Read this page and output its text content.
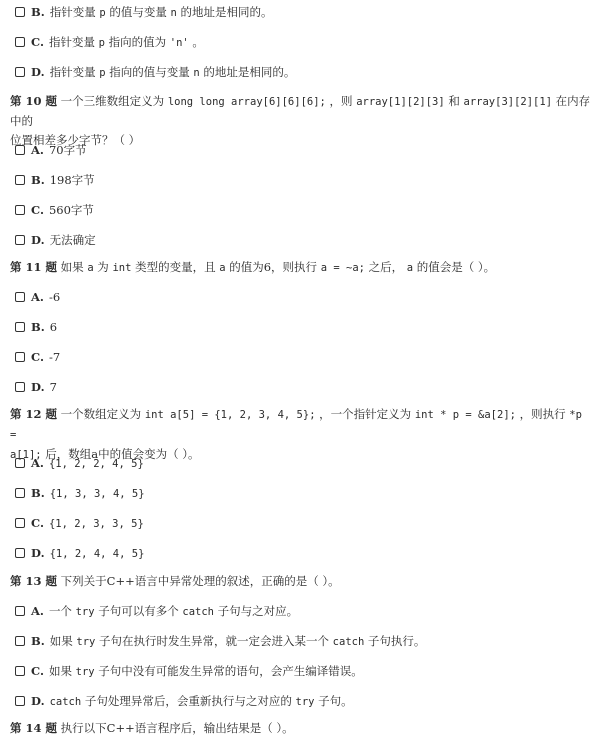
B. 指针变量 p 的值与变量 n 的地址是相同的。
C. 指针变量 p 指向的值为 'n' 。
D. 指针变量 p 指向的值与变量 n 的地址是相同的。

第 10 题 一个三维数组定义为 long long array[6][6][6]; ，则 array[1][2][3] 和 array[3][2][1] 在内存中的
位置相差多少字节？（ ）

A. 70字节
B. 198字节
C. 560字节
D. 无法确定

第 11 题 如果 a 为 int 类型的变量，且 a 的值为6，则执行 a = ~a; 之后， a 的值会是（ ）。

A. -6
B. 6
C. -7
D. 7

第 12 题 一个数组定义为 int a[5] = {1, 2, 3, 4, 5}; ，一个指针定义为 int * p = &a[2]; ，则执行 *p =
a[1]; 后，数组a中的值会变为（ ）。

A. {1, 2, 2, 4, 5}
B. {1, 3, 3, 4, 5}
C. {1, 2, 3, 3, 5}
D. {1, 2, 4, 4, 5}

第 13 题 下列关于C++语言中异常处理的叙述，正确的是（ ）。

A. 一个 try 子句可以有多个 catch 子句与之对应。
B. 如果 try 子句在执行时发生异常，就一定会进入某一个 catch 子句执行。
C. 如果 try 子句中没有可能发生异常的语句，会产生编译错误。
D. catch 子句处理异常后，会重新执行与之对应的 try 子句。

第 14 题 执行以下C++语言程序后，输出结果是（ ）。
